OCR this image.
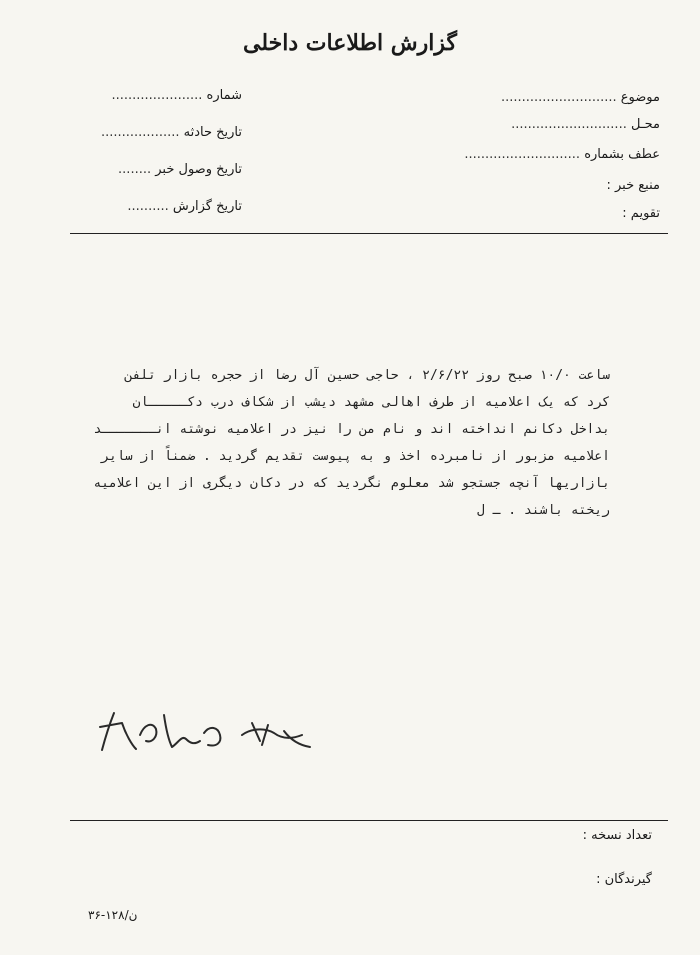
گزارش اطلاعات داخلی
موضوع ............................
محـل ............................
عطف بشماره ............................
منبع خبر :
تقویم :
شماره ......................
تاریخ حادثه ...................
تاریخ وصول خبر ........
تاریخ گزارش ..........
ساعت ۱۰/۰ صبح روز ۲/۶/۲۲ ، حاجی حسین آل رضا از حجره بازار تلفن
کرد که یک اعلامیه از طرف اهالی مشهد دیشب از شکاف درب دکـــــان
بداخل دکانم انداخته اند و نام من را نیز در اعلامیه نوشته انـــــــد
اعلامیه مزبور از نامبرده اخذ و به پیوست تقدیم گردید . ضمناً از سایر
بازاریها آنچه جستجو شد معلوم نگردید که در دکان دیگری از این اعلامیه
ریخته باشند . ـ ل
تعداد نسخه :
گیرندگان :
ن/۱۲۸-۳۶
